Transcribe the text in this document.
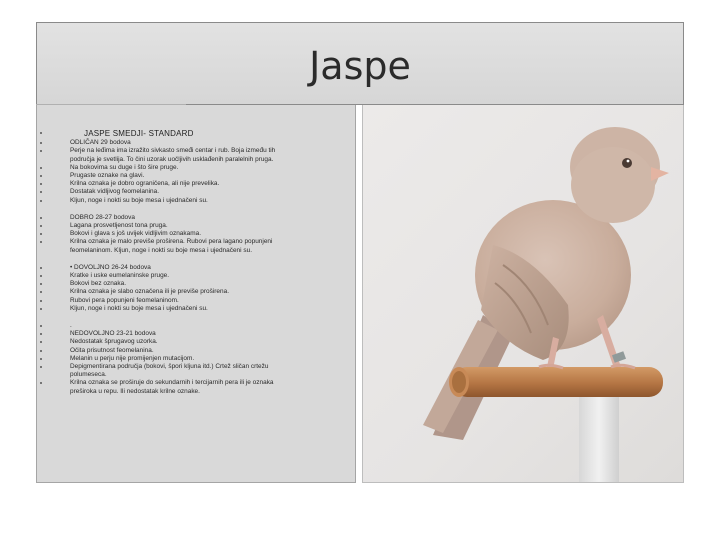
Jaspe
JASPE SMEDJI- STANDARD
ODLIČAN 29 bodova
Perje na leđima ima izražito sivkasto smeđi centar i rub. Boja između tih
područja je svetlija. To čini uzorak uočljivih usklađenih paralelnih pruga.
Na bokovima su duge i što šire pruge.
Prugaste oznake na glavi.
Krilna oznaka je dobro ograničena, ali nije prevelika.
Dostatak vidljivog feomelanina.
Kljun, noge i nokti su boje mesa i ujednačeni su.
DOBRO 28-27 bodova
Lagana prosvetljenost tona pruga.
Bokovi i glava s još uvijek vidljivim oznakama.
Krilna oznaka je malo previše proširena. Rubovi pera lagano popunjeni
feomelaninom. Kljun, noge i nokti su boje mesa i ujednačeni su.
• DOVOLJNO 26-24 bodova
Kratke i uske eumelaninske pruge.
Bokovi bez oznaka.
Krilna oznaka je slabo označena ili je previše proširena.
Rubovi pera popunjeni feomelaninom.
Kljun, noge i nokti su boje mesa i ujednačeni su.
.
NEDOVOLJNO 23-21 bodova
Nedostatak šprugavog uzorka.
Očita prisutnost feomelanina.
Melanin u perju nije promijenjen mutacijom.
Depigmentirana područja (bokovi, špori kljuna itd.) Crtež sličan crtežu
polumeseca.
Krilna oznaka se proširuje do sekundarnih i tercijarnih pera ili je oznaka
preširoka u repu. Ili nedostatak krilne oznake.
